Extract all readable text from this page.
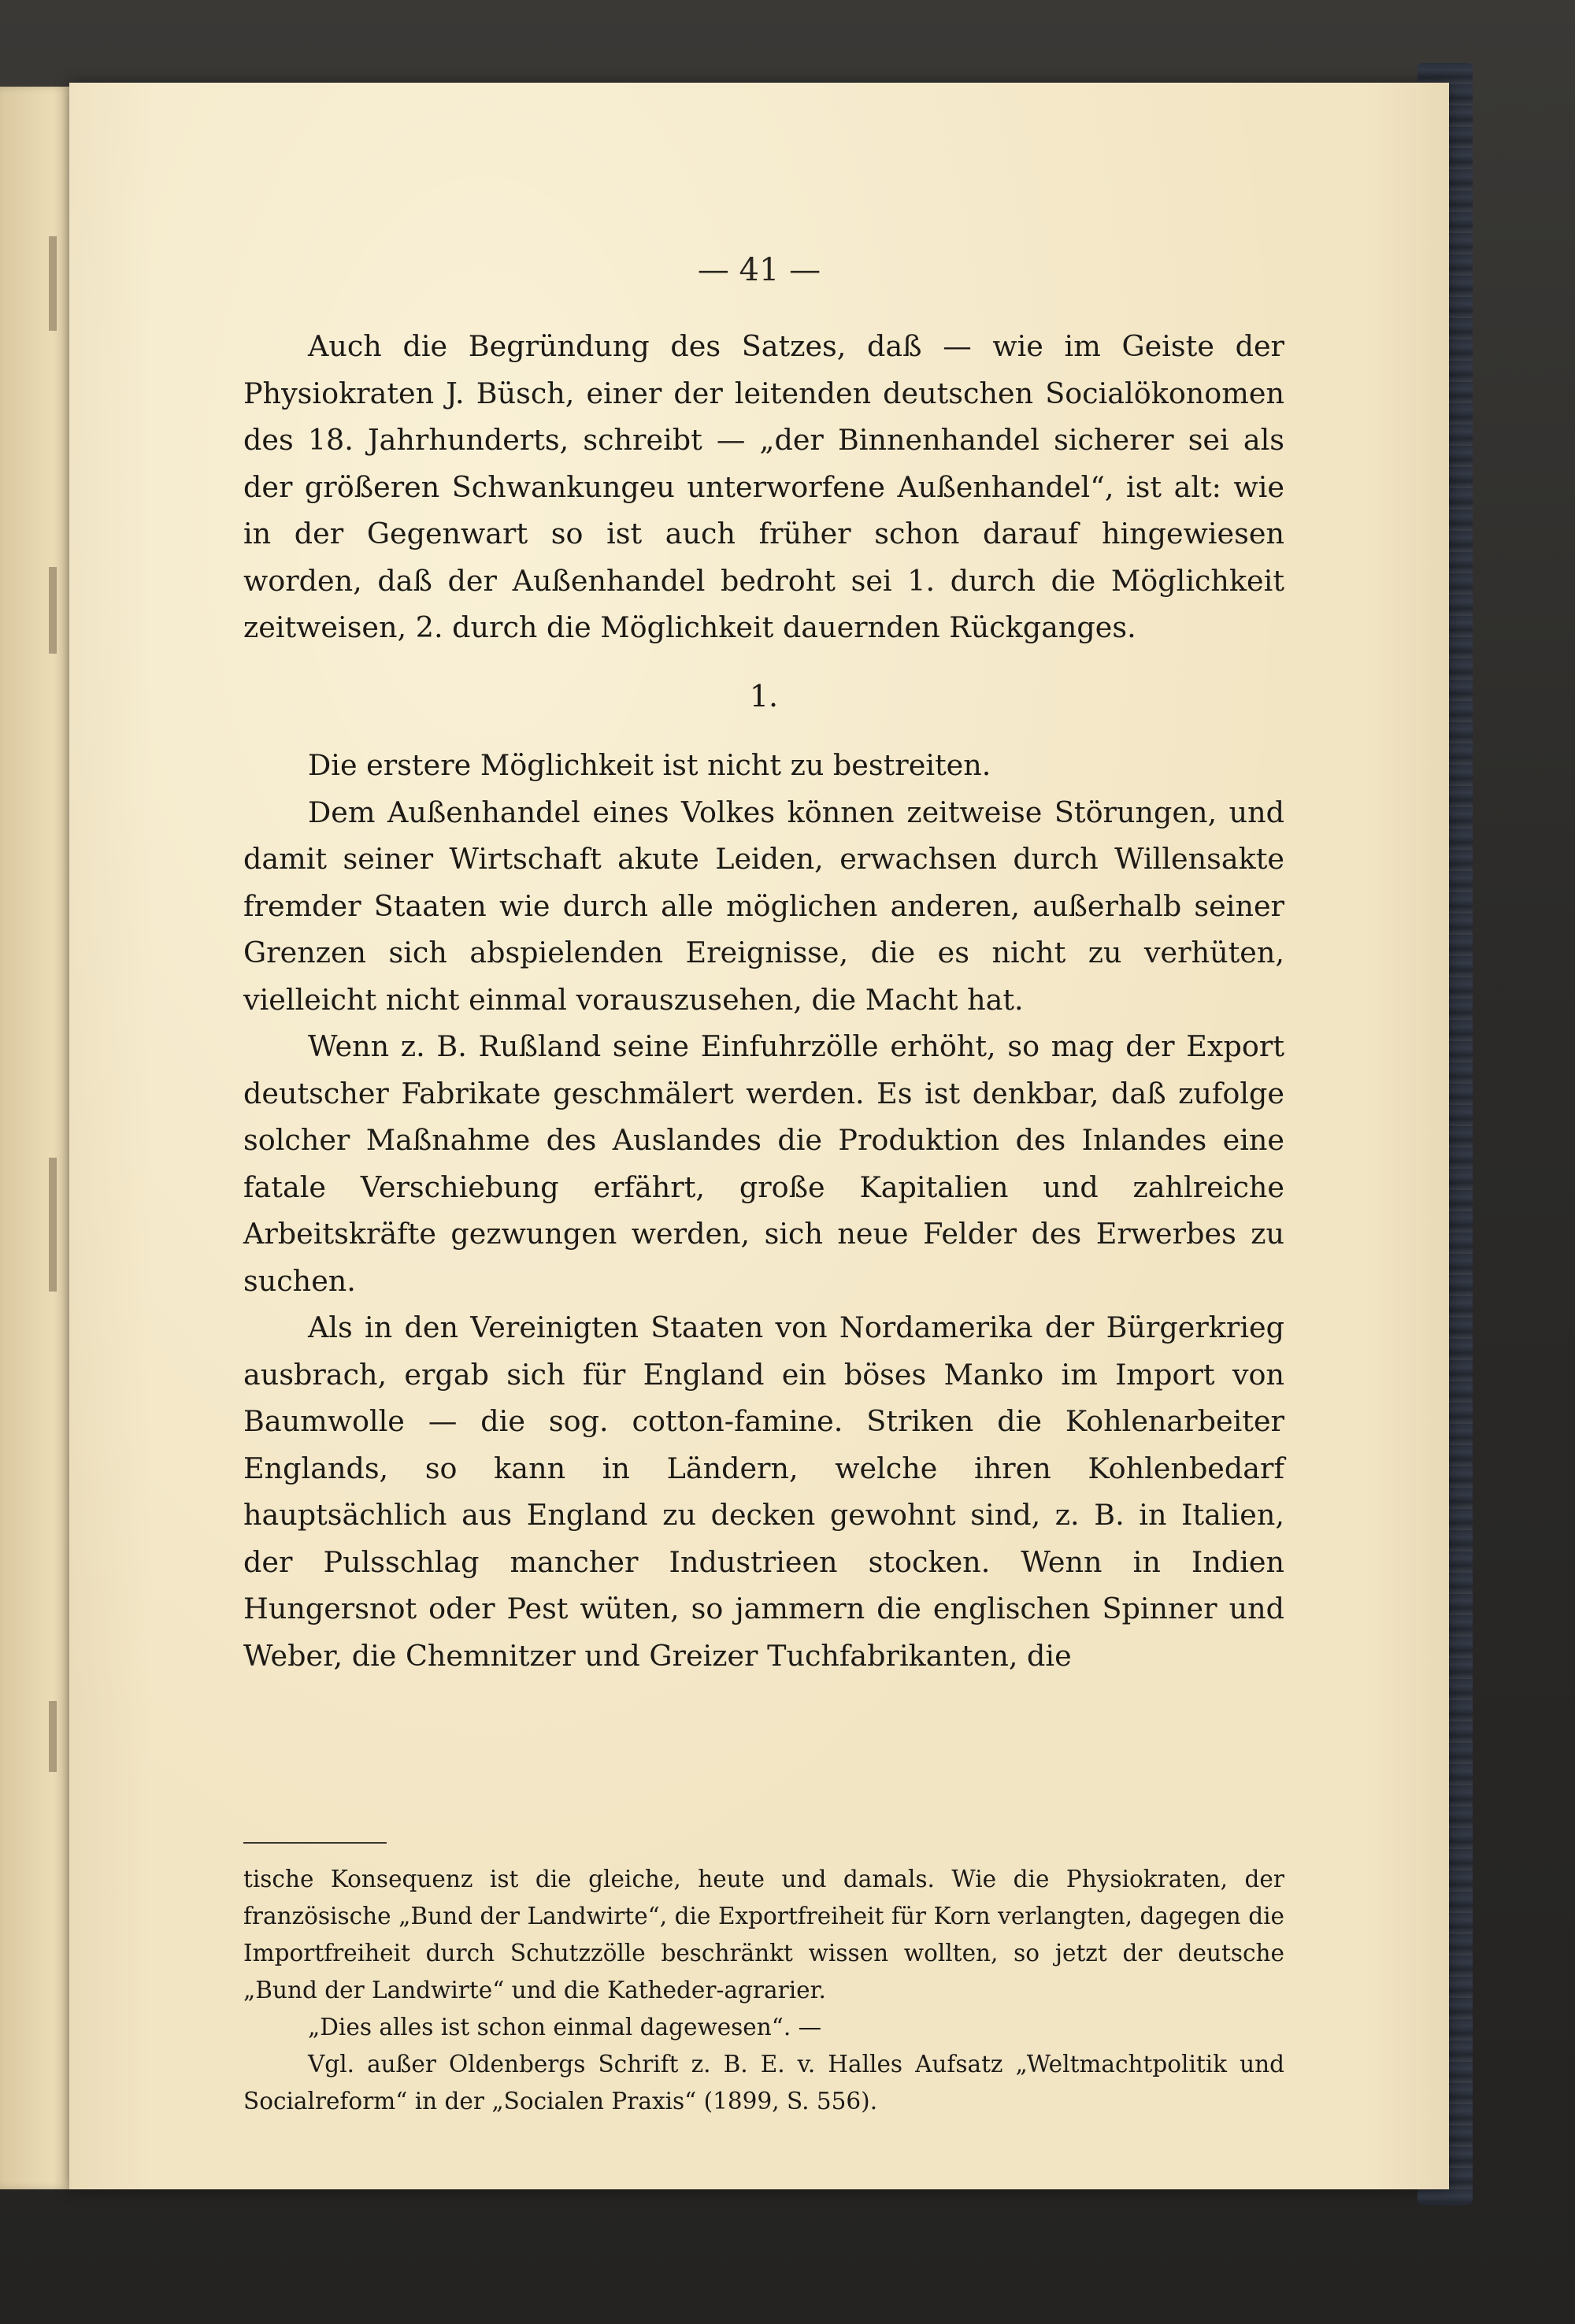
— 41 —

Auch die Begründung des Satzes, daß — wie im Geiste der Physiokraten J. Büsch, einer der leitenden deutschen Socialökonomen des 18. Jahrhunderts, schreibt — „der Binnenhandel sicherer sei als der größeren Schwankungeu unterworfene Außenhandel“, ist alt: wie in der Gegenwart so ist auch früher schon darauf hingewiesen worden, daß der Außenhandel bedroht sei 1. durch die Möglichkeit zeitweisen, 2. durch die Möglichkeit dauernden Rückganges.

1.

Die erstere Möglichkeit ist nicht zu bestreiten.

Dem Außenhandel eines Volkes können zeitweise Störungen, und damit seiner Wirtschaft akute Leiden, erwachsen durch Willensakte fremder Staaten wie durch alle möglichen anderen, außerhalb seiner Grenzen sich abspielenden Ereignisse, die es nicht zu verhüten, vielleicht nicht einmal vorauszusehen, die Macht hat.

Wenn z. B. Rußland seine Einfuhrzölle erhöht, so mag der Export deutscher Fabrikate geschmälert werden. Es ist denkbar, daß zufolge solcher Maßnahme des Auslandes die Produktion des Inlandes eine fatale Verschiebung erfährt, große Kapitalien und zahlreiche Arbeitskräfte gezwungen werden, sich neue Felder des Erwerbes zu suchen.

Als in den Vereinigten Staaten von Nordamerika der Bürgerkrieg ausbrach, ergab sich für England ein böses Manko im Import von Baumwolle — die sog. cotton-famine. Striken die Kohlenarbeiter Englands, so kann in Ländern, welche ihren Kohlenbedarf hauptsächlich aus England zu decken gewohnt sind, z. B. in Italien, der Pulsschlag mancher Industrieen stocken. Wenn in Indien Hungersnot oder Pest wüten, so jammern die englischen Spinner und Weber, die Chemnitzer und Greizer Tuchfabrikanten, die

tische Konsequenz ist die gleiche, heute und damals. Wie die Physiokraten, der französische „Bund der Landwirte“, die Exportfreiheit für Korn verlangten, dagegen die Importfreiheit durch Schutzzölle beschränkt wissen wollten, so jetzt der deutsche „Bund der Landwirte“ und die Katheder-agrarier.

„Dies alles ist schon einmal dagewesen“. —

Vgl. außer Oldenbergs Schrift z. B. E. v. Halles Aufsatz „Weltmachtpolitik und Socialreform“ in der „Socialen Praxis“ (1899, S. 556).
